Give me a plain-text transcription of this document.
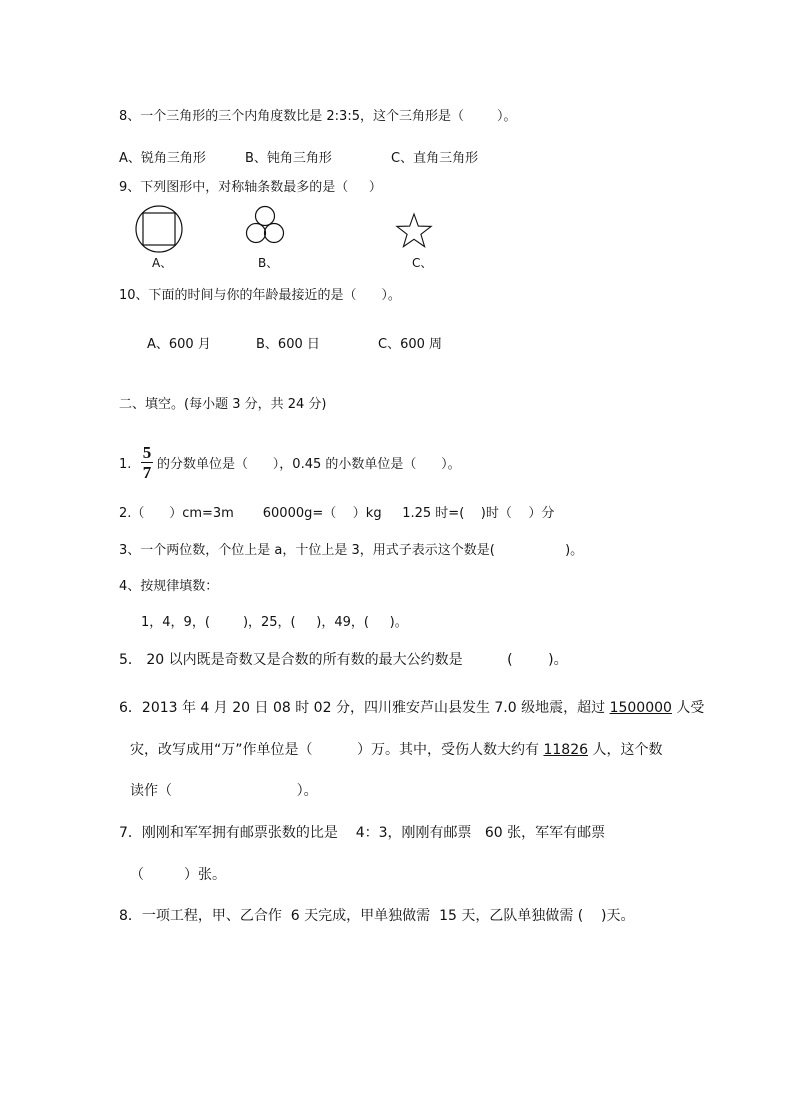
8、一个三角形的三个内角度数比是 2:3:5，这个三角形是（        ）。
A、锐角三角形	B、钝角三角形	C、直角三角形
9、下列图形中，对称轴条数最多的是（     ）
A、	B、	C、
10、下面的时间与你的年龄最接近的是（      ）。
A、600 月	B、600 日	C、600 周
二、填空。(每小题 3 分，共 24 分)
1.
5
7 的分数单位是（      ），0.45 的小数单位是（      ）。
2.（      ）cm=3m       60000g=（    ）kg     1.25 时=(    )时（    ）分
3、一个两位数，个位上是 a，十位上是 3，用式子表示这个数是(                 )。
4、按规律填数：
1，4，9，(        )，25，(     )，49，(     )。
5． 20 以内既是奇数又是合数的所有数的最大公约数是          (        )。
6．2013 年 4 月 20 日 08 时 02 分，四川雅安芦山县发生 7.0 级地震，超过 1500000 人受
灾，改写成用“万”作单位是（          ）万。其中，受伤人数大约有 11826 人，这个数
读作（                            ）。
7．刚刚和军军拥有邮票张数的比是    4：3，刚刚有邮票   60 张，军军有邮票
（         ）张。
8．一项工程，甲、乙合作  6 天完成，甲单独做需  15 天，乙队单独做需 (    )天。
